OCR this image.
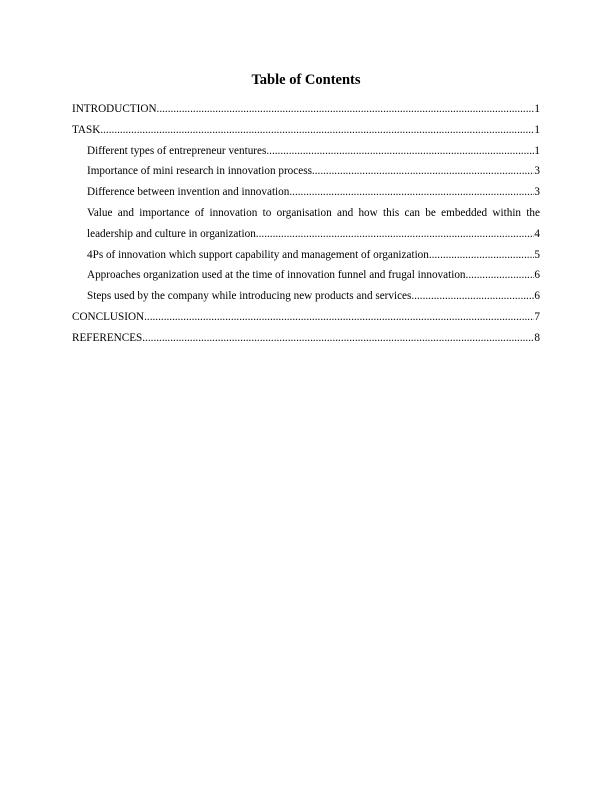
Table of Contents
INTRODUCTION .....	1
TASK .....	1
Different types of entrepreneur ventures .....	1
Importance of mini research in innovation process .....	3
Difference between invention and innovation .....	3
Value and importance of innovation to organisation and how this can be embedded within the
leadership and culture in organization .....	4
4Ps of innovation which support capability and management of organization .....	5
Approaches organization used at the time of innovation funnel and frugal innovation .....	6
Steps used by the company while introducing new products and services .....	6
CONCLUSION .....	7
REFERENCES .....	8
